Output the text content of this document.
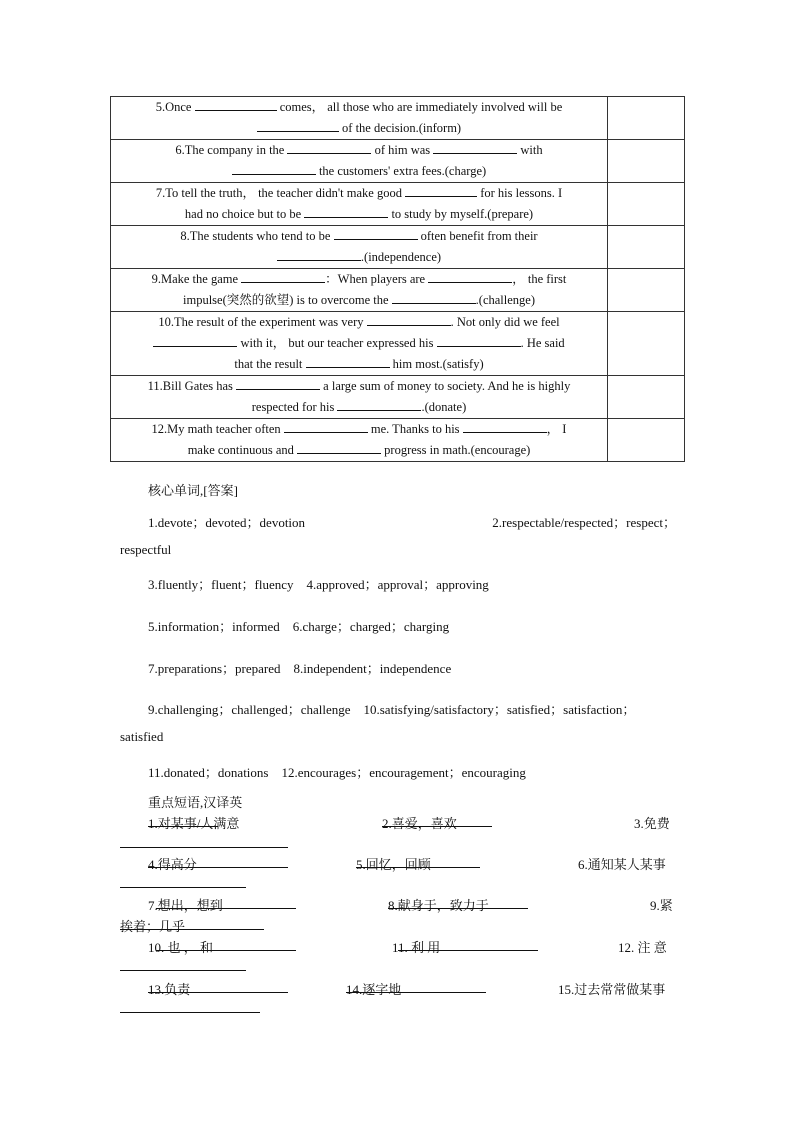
5.Once comes， all those who are immediately involved will be
of the decision.(inform)	
6.The company in the of him was with
the customers' extra fees.(charge)	
7.To tell the truth， the teacher didn't make good for his lessons. I
had no choice but to be to study by myself.(prepare)	
8.The students who tend to be often benefit from their
.(independence)	
9.Make the game ：When players are ， the first
impulse(突然的欲望) is to overcome the .(challenge)	
10.The result of the experiment was very . Not only did we feel
with it， but our teacher expressed his . He said
that the result him most.(satisfy)	
11.Bill Gates has a large sum of money to society. And he is highly
respected for his .(donate)	
12.My math teacher often me. Thanks to his ， I
make continuous and progress in math.(encourage)	
核心单词,[答案]
1.devote；devoted；devotion	2.respectable/respected；respect；
respectful
3.fluently；fluent；fluency　4.approved；approval；approving
5.information；informed　6.charge；charged；charging
7.preparations；prepared　8.independent；independence
9.challenging；challenged；challenge　10.satisfying/satisfactory；satisfied；satisfaction；
satisfied
11.donated；donations　12.encourages；encouragement；encouraging
重点短语,汉译英
1.对某事/人满意	2.喜爱，喜欢	3.免费
4.得高分	5.回忆，回顾	6.通知某人某事
7.想出，想到	8.献身于，致力于	9.紧
挨着；几乎
10. 也 ， 和	11. 利 用	12. 注 意
13.负责	14.逐字地	15.过去常常做某事
